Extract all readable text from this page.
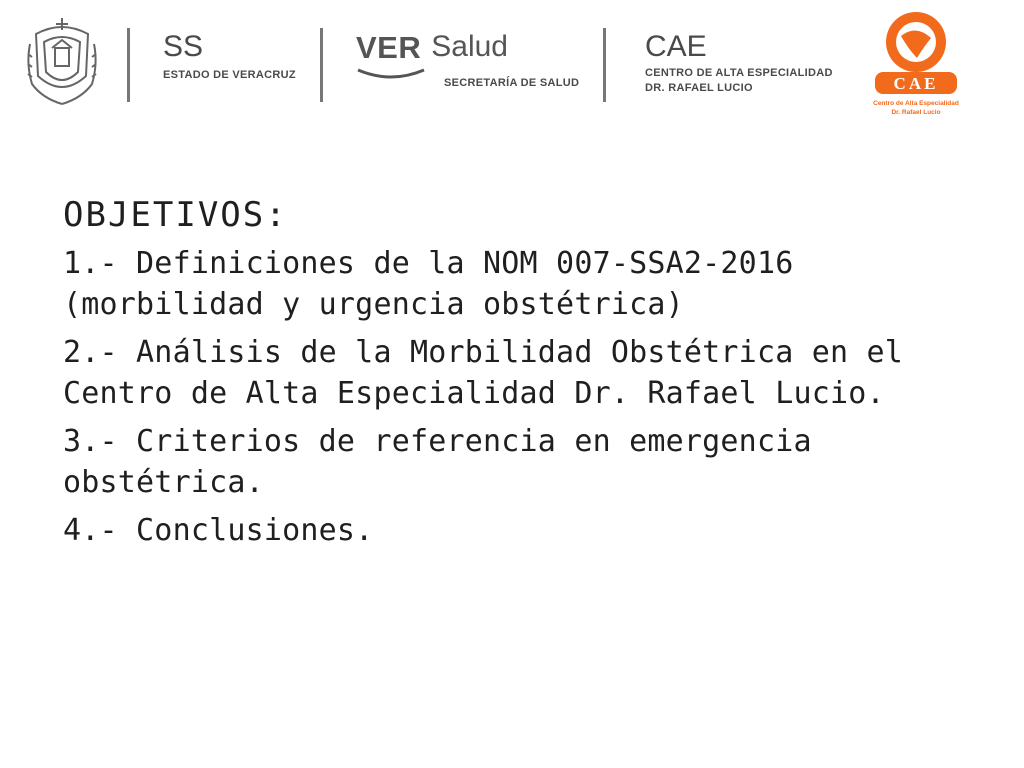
SS
ESTADO DE VERACRUZ
VER Salud
SECRETARÍA DE SALUD
CAE
CENTRO DE ALTA ESPECIALIDAD
DR. RAFAEL LUCIO	CAE
Centro de Alta Especialidad
Dr. Rafael Lucio
OBJETIVOS:
1.- Definiciones de la NOM 007-SSA2-2016 (morbilidad y urgencia obstétrica)
2.- Análisis de la Morbilidad Obstétrica en el Centro de Alta Especialidad Dr. Rafael Lucio.
3.- Criterios de referencia en emergencia obstétrica.
4.- Conclusiones.
